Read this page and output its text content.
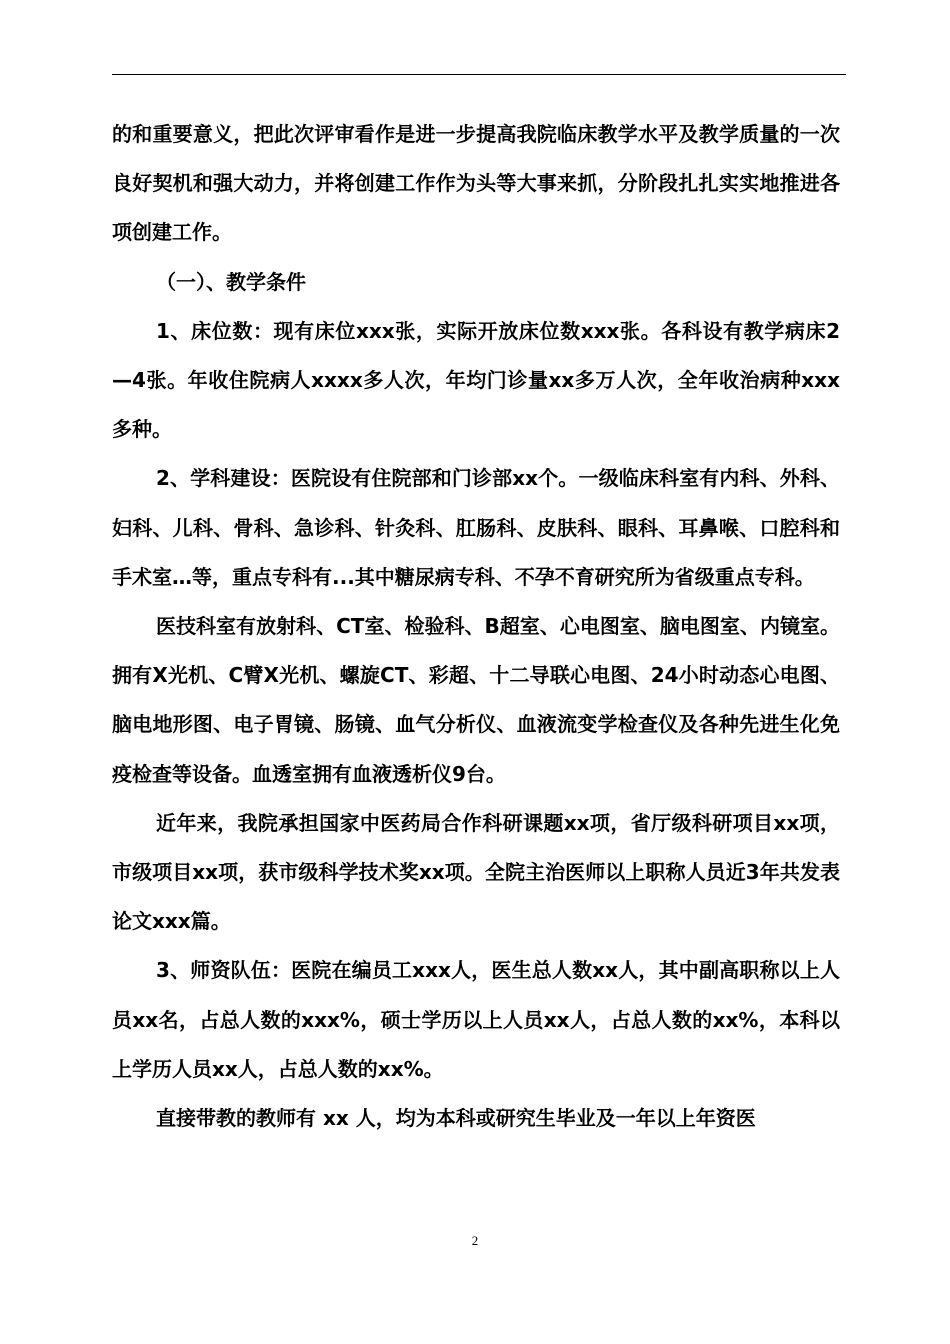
的和重要意义，把此次评审看作是进一步提高我院临床教学水平及教学质量的一次良好契机和强大动力，并将创建工作作为头等大事来抓，分阶段扎扎实实地推进各项创建工作。

（一）、教学条件

1、床位数：现有床位xxx张，实际开放床位数xxx张。各科设有教学病床2—4张。年收住院病人xxxx多人次，年均门诊量xx多万人次，全年收治病种xxx多种。

2、学科建设：医院设有住院部和门诊部xx个。一级临床科室有内科、外科、妇科、儿科、骨科、急诊科、针灸科、肛肠科、皮肤科、眼科、耳鼻喉、口腔科和手术室…等，重点专科有...其中糖尿病专科、不孕不育研究所为省级重点专科。

医技科室有放射科、CT室、检验科、B超室、心电图室、脑电图室、内镜室。拥有X光机、C臂X光机、螺旋CT、彩超、十二导联心电图、24小时动态心电图、脑电地形图、电子胃镜、肠镜、血气分析仪、血液流变学检查仪及各种先进生化免疫检查等设备。血透室拥有血液透析仪9台。

近年来，我院承担国家中医药局合作科研课题xx项，省厅级科研项目xx项，市级项目xx项，获市级科学技术奖xx项。全院主治医师以上职称人员近3年共发表论文xxx篇。

3、师资队伍：医院在编员工xxx人，医生总人数xx人，其中副高职称以上人员xx名，占总人数的xxx%，硕士学历以上人员xx人，占总人数的xx%，本科以上学历人员xx人，占总人数的xx%。

直接带教的教师有 xx 人，均为本科或研究生毕业及一年以上年资医

2
